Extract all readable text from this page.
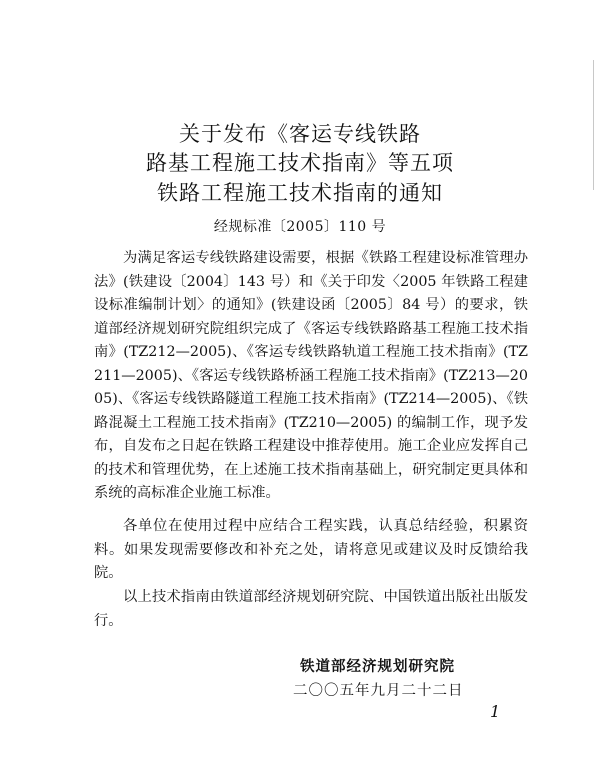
关于发布《客运专线铁路
路基工程施工技术指南》等五项
铁路工程施工技术指南的通知
经规标准〔2005〕110 号

为满足客运专线铁路建设需要，根据《铁路工程建设标准管理办法》(铁建设〔2004〕143 号）和《关于印发〈2005 年铁路工程建设标准编制计划〉的通知》(铁建设函〔2005〕84 号）的要求，铁道部经济规划研究院组织完成了《客运专线铁路路基工程施工技术指南》(TZ212—2005)、《客运专线铁路轨道工程施工技术指南》(TZ211—2005)、《客运专线铁路桥涵工程施工技术指南》(TZ213—2005)、《客运专线铁路隧道工程施工技术指南》(TZ214—2005)、《铁路混凝土工程施工技术指南》(TZ210—2005) 的编制工作，现予发布，自发布之日起在铁路工程建设中推荐使用。施工企业应发挥自己的技术和管理优势，在上述施工技术指南基础上，研究制定更具体和系统的高标准企业施工标准。

各单位在使用过程中应结合工程实践，认真总结经验，积累资料。如果发现需要修改和补充之处，请将意见或建议及时反馈给我院。

以上技术指南由铁道部经济规划研究院、中国铁道出版社出版发行。

铁道部经济规划研究院
二〇〇五年九月二十二日
1
